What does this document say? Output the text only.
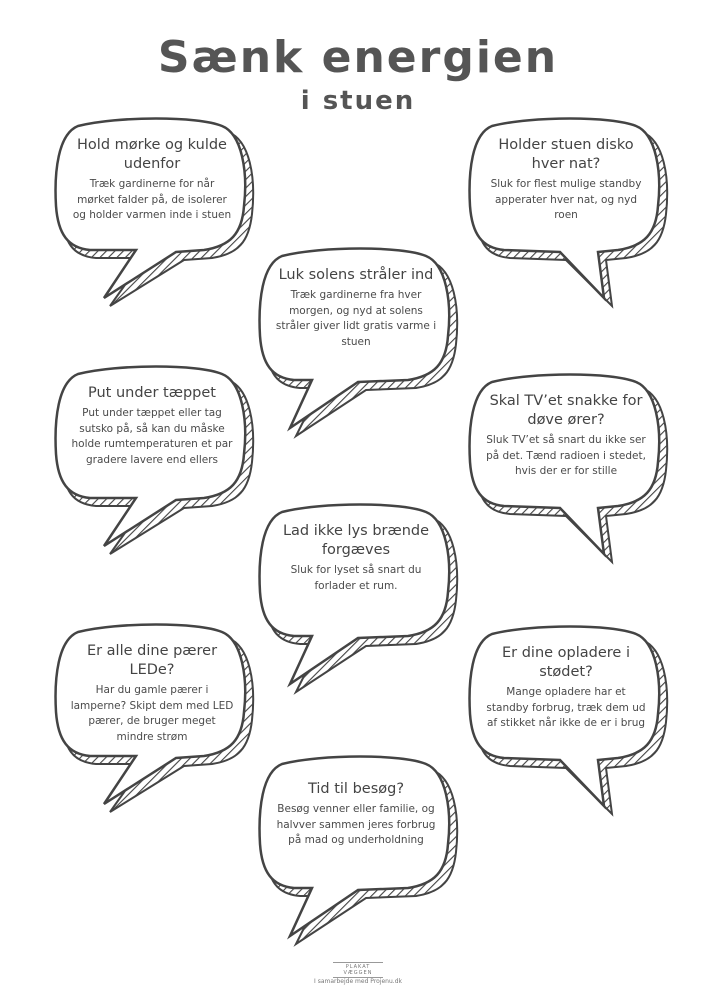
Sænk energien
i stuen
Hold mørke og kulde udenfor
Træk gardinerne for når mørket falder på, de isolerer og holder varmen inde i stuen
Holder stuen disko hver nat?
Sluk for flest mulige standby apperater hver nat, og nyd roen
Luk solens stråler ind
Træk gardinerne fra hver morgen, og nyd at solens stråler giver lidt gratis varme i stuen
Put under tæppet
Put under tæppet eller tag sutsko på, så kan du måske holde rumtemperaturen et par gradere lavere end ellers
Skal TV’et snakke for døve ører?
Sluk TV’et så snart du ikke ser på det. Tænd radioen i stedet, hvis der er for stille
Lad ikke lys brænde forgæves
Sluk for lyset så snart du forlader et rum.
Er alle dine pærer LEDe?
Har du gamle pærer i lamperne? Skipt dem med LED pærer, de bruger meget mindre strøm
Er dine opladere i stødet?
Mange opladere har et standby forbrug, træk dem ud af stikket når ikke de er i brug
Tid til besøg?
Besøg venner eller familie, og halvver sammen jeres forbrug på mad og underholdning
PLAKAT VÆGGEN
I samarbejde med Projenu.dk
